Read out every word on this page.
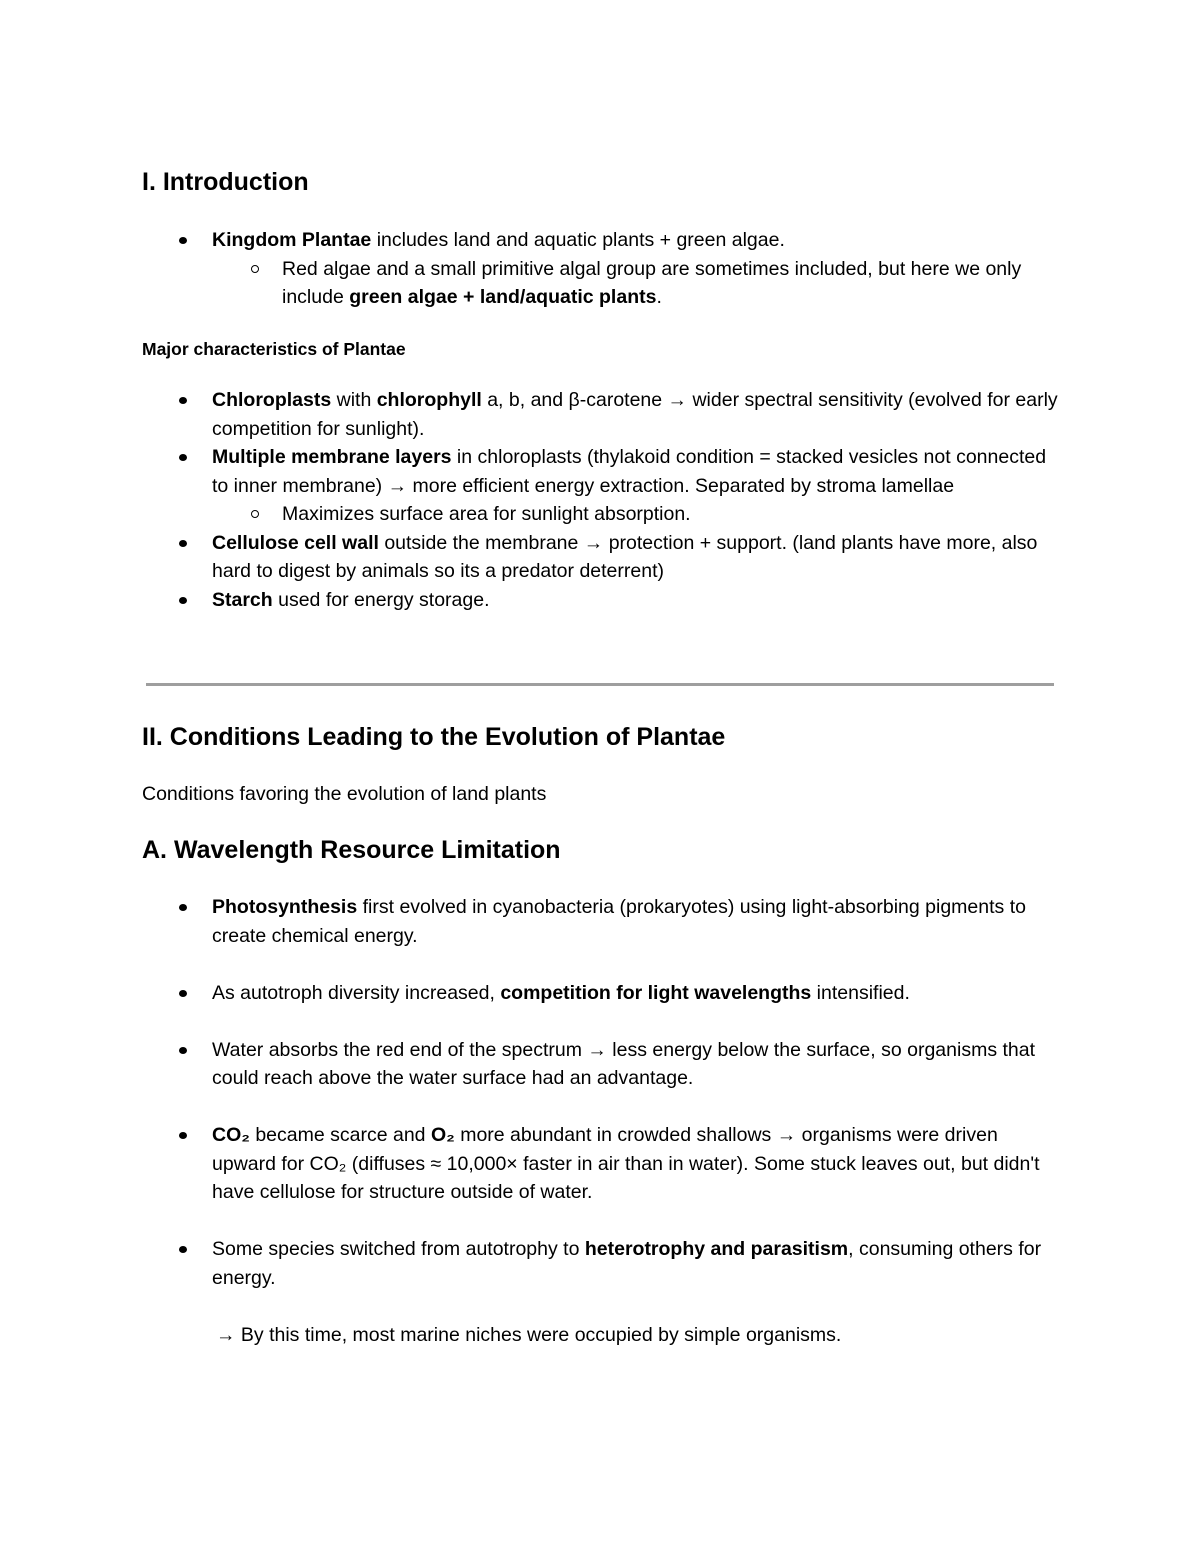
I. Introduction
Kingdom Plantae includes land and aquatic plants + green algae.
Red algae and a small primitive algal group are sometimes included, but here we only include green algae + land/aquatic plants.
Major characteristics of Plantae
Chloroplasts with chlorophyll a, b, and β-carotene → wider spectral sensitivity (evolved for early competition for sunlight).
Multiple membrane layers in chloroplasts (thylakoid condition = stacked vesicles not connected to inner membrane) → more efficient energy extraction. Separated by stroma lamellae
Maximizes surface area for sunlight absorption.
Cellulose cell wall outside the membrane → protection + support. (land plants have more, also hard to digest by animals so its a predator deterrent)
Starch used for energy storage.
II. Conditions Leading to the Evolution of Plantae

Conditions favoring the evolution of land plants

A. Wavelength Resource Limitation
Photosynthesis first evolved in cyanobacteria (prokaryotes) using light-absorbing pigments to create chemical energy.
As autotroph diversity increased, competition for light wavelengths intensified.
Water absorbs the red end of the spectrum → less energy below the surface, so organisms that could reach above the water surface had an advantage.
CO₂ became scarce and O₂ more abundant in crowded shallows → organisms were driven upward for CO₂ (diffuses ≈ 10,000× faster in air than in water). Some stuck leaves out, but didn't have cellulose for structure outside of water.
Some species switched from autotrophy to heterotrophy and parasitism, consuming others for energy.

→ By this time, most marine niches were occupied by simple organisms.
